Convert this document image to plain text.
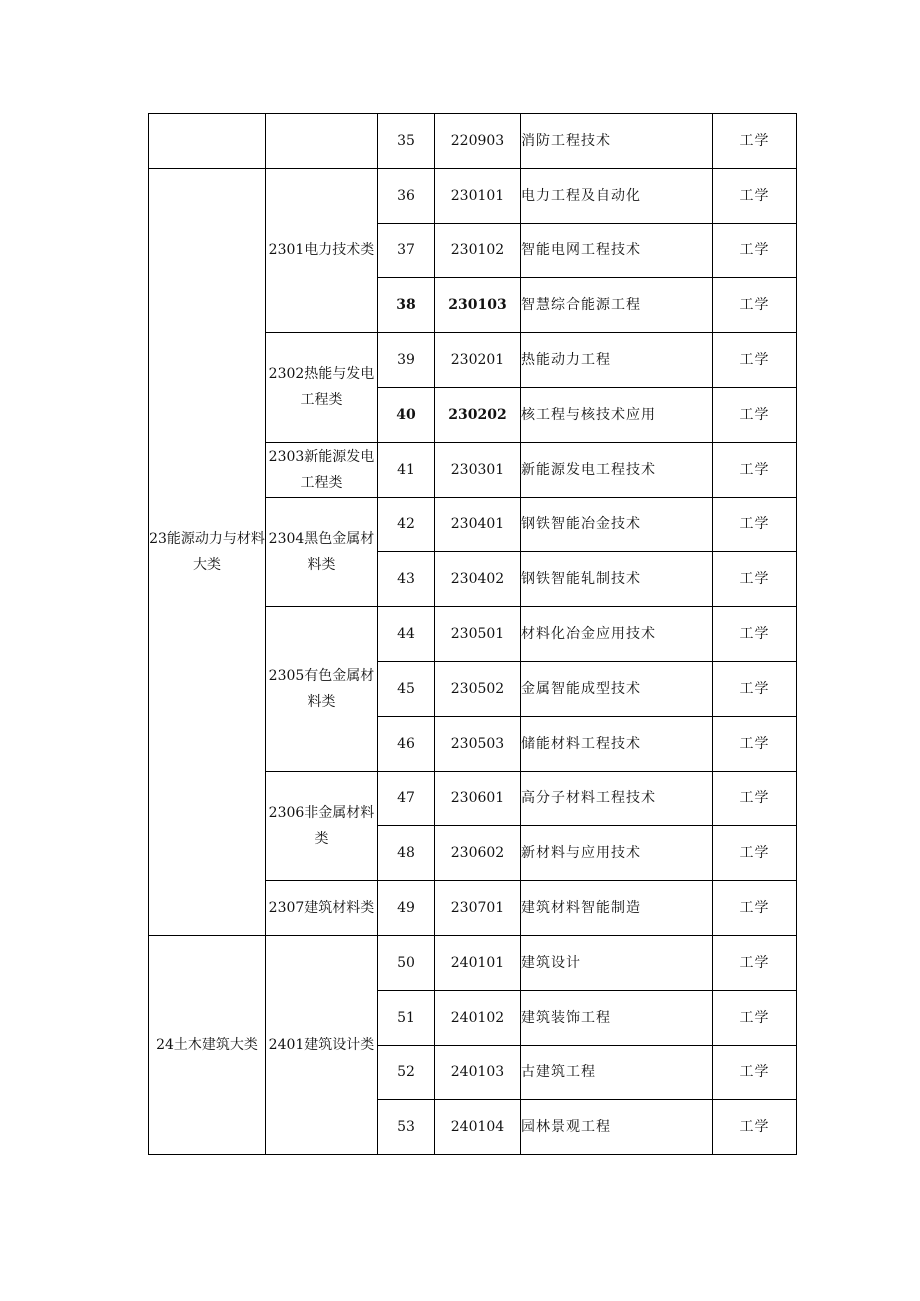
		35	220903	消防工程技术	工学
23能源动力与材料大类	2301电力技术类	36	230101	电力工程及自动化	工学
		37	230102	智能电网工程技术	工学
		38	230103	智慧综合能源工程	工学
	2302热能与发电工程类	39	230201	热能动力工程	工学
		40	230202	核工程与核技术应用	工学
	2303新能源发电工程类	41	230301	新能源发电工程技术	工学
	2304黑色金属材料类	42	230401	钢铁智能冶金技术	工学
		43	230402	钢铁智能轧制技术	工学
	2305有色金属材料类	44	230501	材料化冶金应用技术	工学
		45	230502	金属智能成型技术	工学
		46	230503	储能材料工程技术	工学
	2306非金属材料类	47	230601	高分子材料工程技术	工学
		48	230602	新材料与应用技术	工学
	2307建筑材料类	49	230701	建筑材料智能制造	工学
24土木建筑大类	2401建筑设计类	50	240101	建筑设计	工学
		51	240102	建筑装饰工程	工学
		52	240103	古建筑工程	工学
		53	240104	园林景观工程	工学
